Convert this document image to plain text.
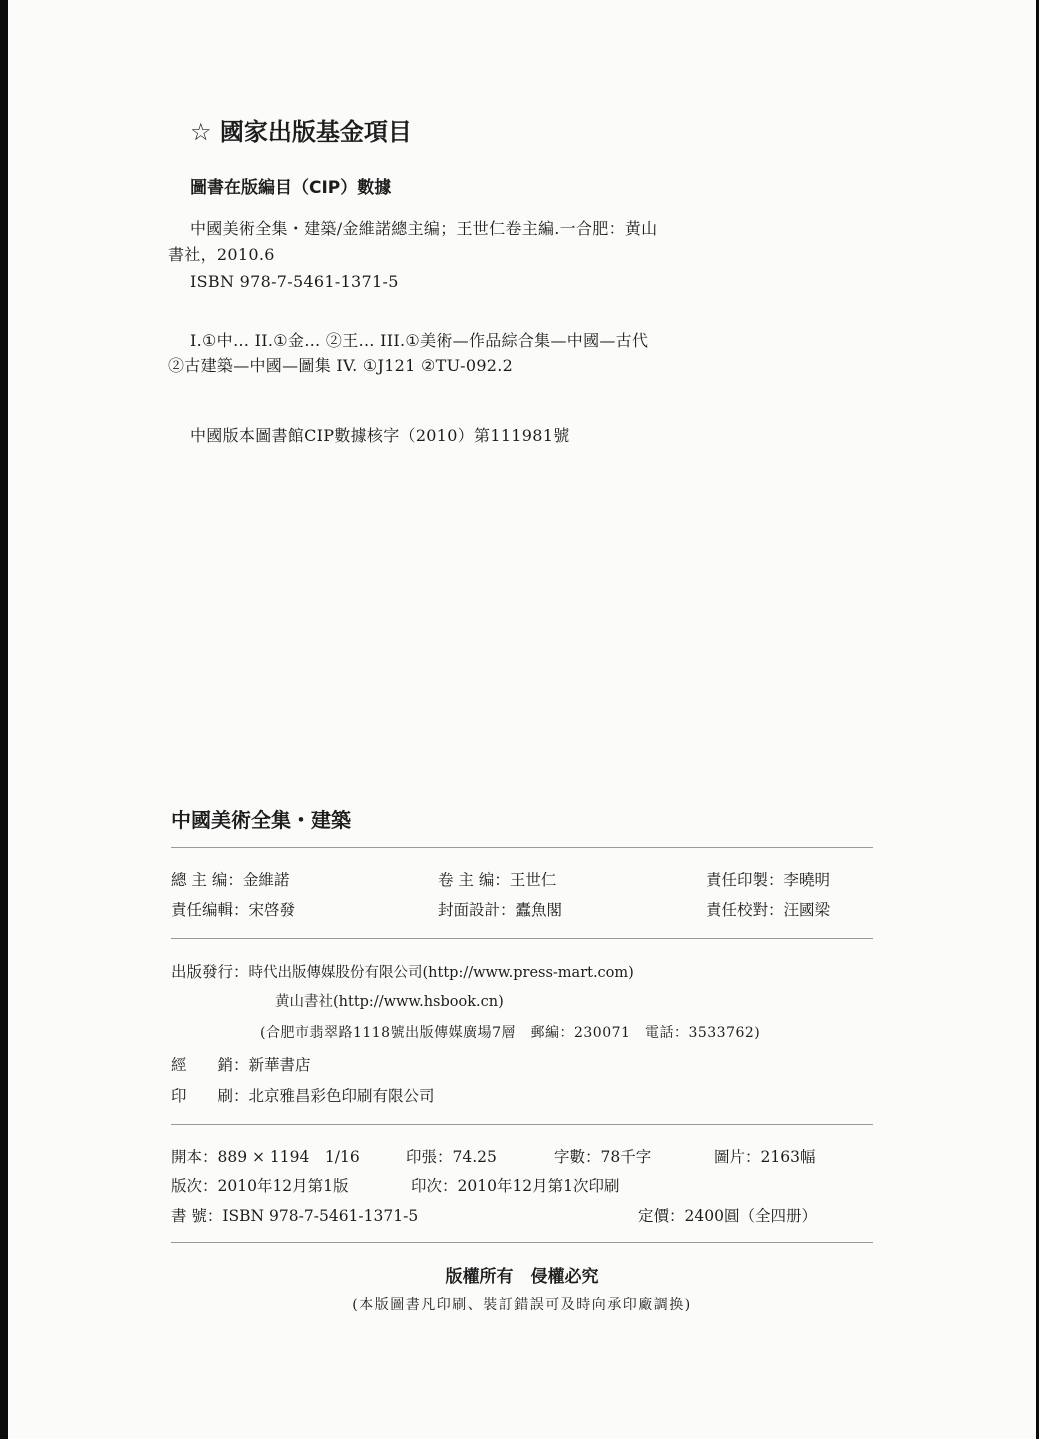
☆ 國家出版基金項目
圖書在版編目（CIP）數據
中國美術全集・建築/金維諾總主编；王世仁卷主編.一合肥：黄山
書社，2010.6
ISBN 978-7-5461-1371-5
I.①中… II.①金… ②王… III.①美術—作品綜合集—中國—古代
②古建築—中國—圖集 IV. ①J121 ②TU-092.2
中國版本圖書館CIP數據核字（2010）第111981號
中國美術全集・建築
總 主 编：金維諾	卷 主 编：王世仁	責任印製：李曉明
責任编輯：宋啓發	封面設計：蠹魚閣	責任校對：汪國梁
出版發行：時代出版傳媒股份有限公司(http://www.press-mart.com)
黄山書社(http://www.hsbook.cn)
(合肥市翡翠路1118號出版傳媒廣場7層　郵編：230071　電話：3533762)
經　　銷：新華書店
印　　刷：北京雅昌彩色印刷有限公司
開本：889 × 1194　1/16	印張：74.25	字數：78千字	圖片：2163幅
版次：2010年12月第1版	印次：2010年12月第1次印刷
書 號：ISBN 978-7-5461-1371-5	定價：2400圓（全四册）
版權所有　侵權必究
(本版圖書凡印刷、裝訂錯誤可及時向承印廠調换)
